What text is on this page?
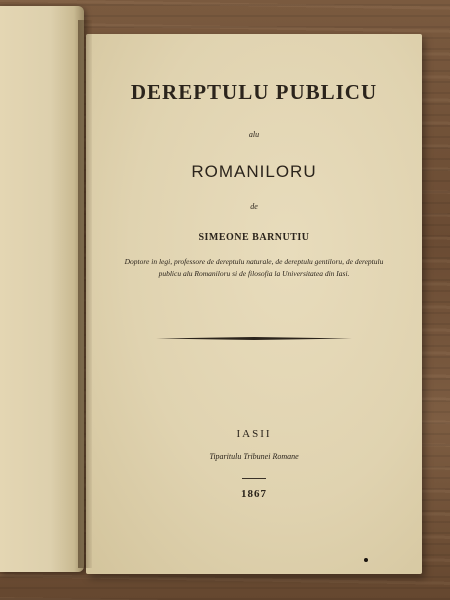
DEREPTULU PUBLICU
alu
ROMANILORU
de
SIMEONE BARNUTIU
Doptore in legi, professore de dereptulu naturale, de dereptulu gentiloru, de dereptulu publicu alu Romaniloru si de filosofia la Universitatea din Iasi.
IASII
Tiparitulu Tribunei Romane
1867
